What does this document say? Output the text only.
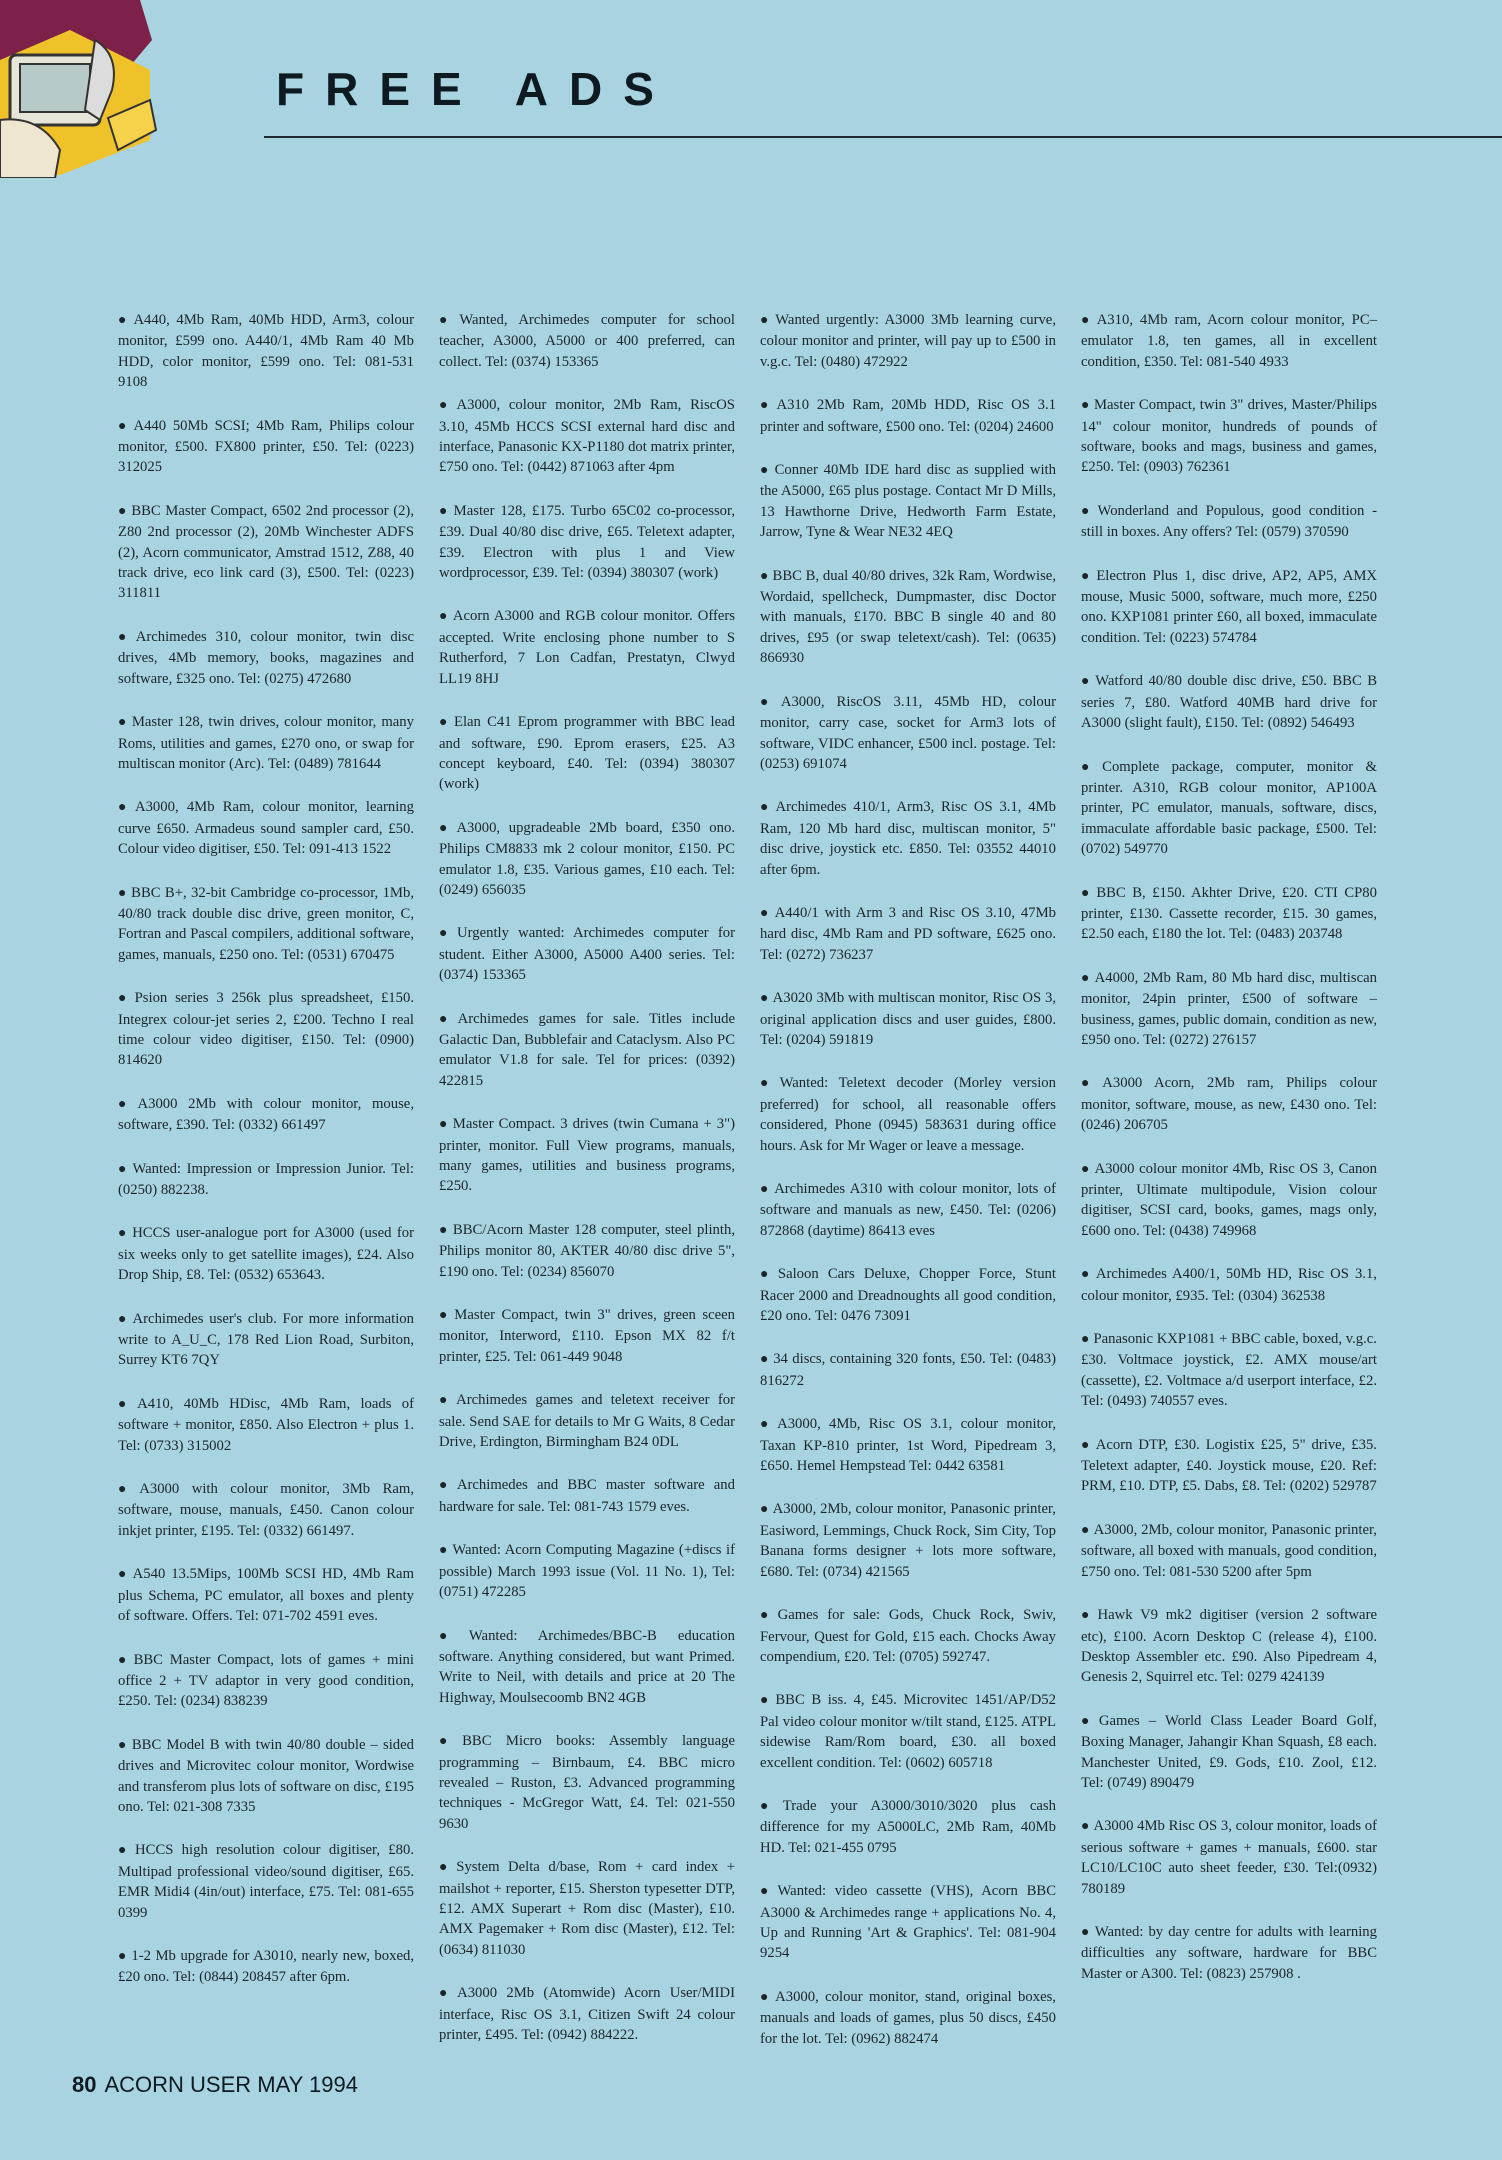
FREE ADS

● A440, 4Mb Ram, 40Mb HDD, Arm3, colour monitor, £599 ono. A440/1, 4Mb Ram 40 Mb HDD, color monitor, £599 ono. Tel: 081-531 9108

● A440 50Mb SCSI; 4Mb Ram, Philips colour monitor, £500. FX800 printer, £50. Tel: (0223) 312025

● BBC Master Compact, 6502 2nd processor (2), Z80 2nd processor (2), 20Mb Winchester ADFS (2), Acorn communicator, Amstrad 1512, Z88, 40 track drive, eco link card (3), £500. Tel: (0223) 311811

● Archimedes 310, colour monitor, twin disc drives, 4Mb memory, books, magazines and software, £325 ono. Tel: (0275) 472680

● Master 128, twin drives, colour monitor, many Roms, utilities and games, £270 ono, or swap for multiscan monitor (Arc). Tel: (0489) 781644

● A3000, 4Mb Ram, colour monitor, learning curve £650. Armadeus sound sampler card, £50. Colour video digitiser, £50. Tel: 091-413 1522

● BBC B+, 32-bit Cambridge co-processor, 1Mb, 40/80 track double disc drive, green monitor, C, Fortran and Pascal compilers, additional software, games, manuals, £250 ono. Tel: (0531) 670475

● Psion series 3 256k plus spreadsheet, £150. Integrex colour-jet series 2, £200. Techno I real time colour video digitiser, £150. Tel: (0900) 814620

● A3000 2Mb with colour monitor, mouse, software, £390. Tel: (0332) 661497

● Wanted: Impression or Impression Junior. Tel: (0250) 882238.

● HCCS user-analogue port for A3000 (used for six weeks only to get satellite images), £24. Also Drop Ship, £8. Tel: (0532) 653643.

● Archimedes user's club. For more information write to A_U_C, 178 Red Lion Road, Surbiton, Surrey KT6 7QY

● A410, 40Mb HDisc, 4Mb Ram, loads of software + monitor, £850. Also Electron + plus 1. Tel: (0733) 315002

● A3000 with colour monitor, 3Mb Ram, software, mouse, manuals, £450. Canon colour inkjet printer, £195. Tel: (0332) 661497.

● A540 13.5Mips, 100Mb SCSI HD, 4Mb Ram plus Schema, PC emulator, all boxes and plenty of software. Offers. Tel: 071-702 4591 eves.

● BBC Master Compact, lots of games + mini office 2 + TV adaptor in very good condition, £250. Tel: (0234) 838239

● BBC Model B with twin 40/80 double – sided drives and Microvitec colour monitor, Wordwise and transferom plus lots of software on disc, £195 ono. Tel: 021-308 7335

● HCCS high resolution colour digitiser, £80. Multipad professional video/sound digitiser, £65. EMR Midi4 (4in/out) interface, £75. Tel: 081-655 0399

● 1-2 Mb upgrade for A3010, nearly new, boxed, £20 ono. Tel: (0844) 208457 after 6pm.

● Wanted, Archimedes computer for school teacher, A3000, A5000 or 400 preferred, can collect. Tel: (0374) 153365

● A3000, colour monitor, 2Mb Ram, RiscOS 3.10, 45Mb HCCS SCSI external hard disc and interface, Panasonic KX-P1180 dot matrix printer, £750 ono. Tel: (0442) 871063 after 4pm

● Master 128, £175. Turbo 65C02 co-processor, £39. Dual 40/80 disc drive, £65. Teletext adapter, £39. Electron with plus 1 and View wordprocessor, £39. Tel: (0394) 380307 (work)

● Acorn A3000 and RGB colour monitor. Offers accepted. Write enclosing phone number to S Rutherford, 7 Lon Cadfan, Prestatyn, Clwyd LL19 8HJ

● Elan C41 Eprom programmer with BBC lead and software, £90. Eprom erasers, £25. A3 concept keyboard, £40. Tel: (0394) 380307 (work)

● A3000, upgradeable 2Mb board, £350 ono. Philips CM8833 mk 2 colour monitor, £150. PC emulator 1.8, £35. Various games, £10 each. Tel: (0249) 656035

● Urgently wanted: Archimedes computer for student. Either A3000, A5000 A400 series. Tel: (0374) 153365

● Archimedes games for sale. Titles include Galactic Dan, Bubblefair and Cataclysm. Also PC emulator V1.8 for sale. Tel for prices: (0392) 422815

● Master Compact. 3 drives (twin Cumana + 3") printer, monitor. Full View programs, manuals, many games, utilities and business programs, £250.

● BBC/Acorn Master 128 computer, steel plinth, Philips monitor 80, AKTER 40/80 disc drive 5", £190 ono. Tel: (0234) 856070

● Master Compact, twin 3" drives, green sceen monitor, Interword, £110. Epson MX 82 f/t printer, £25. Tel: 061-449 9048

● Archimedes games and teletext receiver for sale. Send SAE for details to Mr G Waits, 8 Cedar Drive, Erdington, Birmingham B24 0DL

● Archimedes and BBC master software and hardware for sale. Tel: 081-743 1579 eves.

● Wanted: Acorn Computing Magazine (+discs if possible) March 1993 issue (Vol. 11 No. 1), Tel: (0751) 472285

● Wanted: Archimedes/BBC-B education software. Anything considered, but want Primed. Write to Neil, with details and price at 20 The Highway, Moulsecoomb BN2 4GB

● BBC Micro books: Assembly language programming – Birnbaum, £4. BBC micro revealed – Ruston, £3. Advanced programming techniques - McGregor Watt, £4. Tel: 021-550 9630

● System Delta d/base, Rom + card index + mailshot + reporter, £15. Sherston typesetter DTP, £12. AMX Superart + Rom disc (Master), £10. AMX Pagemaker + Rom disc (Master), £12. Tel: (0634) 811030

● A3000 2Mb (Atomwide) Acorn User/MIDI interface, Risc OS 3.1, Citizen Swift 24 colour printer, £495. Tel: (0942) 884222.

● Wanted urgently: A3000 3Mb learning curve, colour monitor and printer, will pay up to £500 in v.g.c. Tel: (0480) 472922

● A310 2Mb Ram, 20Mb HDD, Risc OS 3.1 printer and software, £500 ono. Tel: (0204) 24600

● Conner 40Mb IDE hard disc as supplied with the A5000, £65 plus postage. Contact Mr D Mills, 13 Hawthorne Drive, Hedworth Farm Estate, Jarrow, Tyne & Wear NE32 4EQ

● BBC B, dual 40/80 drives, 32k Ram, Wordwise, Wordaid, spellcheck, Dumpmaster, disc Doctor with manuals, £170. BBC B single 40 and 80 drives, £95 (or swap teletext/cash). Tel: (0635) 866930

● A3000, RiscOS 3.11, 45Mb HD, colour monitor, carry case, socket for Arm3 lots of software, VIDC enhancer, £500 incl. postage. Tel: (0253) 691074

● Archimedes 410/1, Arm3, Risc OS 3.1, 4Mb Ram, 120 Mb hard disc, multiscan monitor, 5" disc drive, joystick etc. £850. Tel: 03552 44010 after 6pm.

● A440/1 with Arm 3 and Risc OS 3.10, 47Mb hard disc, 4Mb Ram and PD software, £625 ono. Tel: (0272) 736237

● A3020 3Mb with multiscan monitor, Risc OS 3, original application discs and user guides, £800. Tel: (0204) 591819

● Wanted: Teletext decoder (Morley version preferred) for school, all reasonable offers considered, Phone (0945) 583631 during office hours. Ask for Mr Wager or leave a message.

● Archimedes A310 with colour monitor, lots of software and manuals as new, £450. Tel: (0206) 872868 (daytime) 86413 eves

● Saloon Cars Deluxe, Chopper Force, Stunt Racer 2000 and Dreadnoughts all good condition, £20 ono. Tel: 0476 73091

● 34 discs, containing 320 fonts, £50. Tel: (0483) 816272

● A3000, 4Mb, Risc OS 3.1, colour monitor, Taxan KP-810 printer, 1st Word, Pipedream 3, £650. Hemel Hempstead Tel: 0442 63581

● A3000, 2Mb, colour monitor, Panasonic printer, Easiword, Lemmings, Chuck Rock, Sim City, Top Banana forms designer + lots more software, £680. Tel: (0734) 421565

● Games for sale: Gods, Chuck Rock, Swiv, Fervour, Quest for Gold, £15 each. Chocks Away compendium, £20. Tel: (0705) 592747.

● BBC B iss. 4, £45. Microvitec 1451/AP/D52 Pal video colour monitor w/tilt stand, £125. ATPL sidewise Ram/Rom board, £30. all boxed excellent condition. Tel: (0602) 605718

● Trade your A3000/3010/3020 plus cash difference for my A5000LC, 2Mb Ram, 40Mb HD. Tel: 021-455 0795

● Wanted: video cassette (VHS), Acorn BBC A3000 & Archimedes range + applications No. 4, Up and Running 'Art & Graphics'. Tel: 081-904 9254

● A3000, colour monitor, stand, original boxes, manuals and loads of games, plus 50 discs, £450 for the lot. Tel: (0962) 882474

● A310, 4Mb ram, Acorn colour monitor, PC– emulator 1.8, ten games, all in excellent condition, £350. Tel: 081-540 4933

● Master Compact, twin 3" drives, Master/Philips 14" colour monitor, hundreds of pounds of software, books and mags, business and games, £250. Tel: (0903) 762361

● Wonderland and Populous, good condition - still in boxes. Any offers? Tel: (0579) 370590

● Electron Plus 1, disc drive, AP2, AP5, AMX mouse, Music 5000, software, much more, £250 ono. KXP1081 printer £60, all boxed, immaculate condition. Tel: (0223) 574784

● Watford 40/80 double disc drive, £50. BBC B series 7, £80. Watford 40MB hard drive for A3000 (slight fault), £150. Tel: (0892) 546493

● Complete package, computer, monitor & printer. A310, RGB colour monitor, AP100A printer, PC emulator, manuals, software, discs, immaculate affordable basic package, £500. Tel: (0702) 549770

● BBC B, £150. Akhter Drive, £20. CTI CP80 printer, £130. Cassette recorder, £15. 30 games, £2.50 each, £180 the lot. Tel: (0483) 203748

● A4000, 2Mb Ram, 80 Mb hard disc, multiscan monitor, 24pin printer, £500 of software – business, games, public domain, condition as new, £950 ono. Tel: (0272) 276157

● A3000 Acorn, 2Mb ram, Philips colour monitor, software, mouse, as new, £430 ono. Tel: (0246) 206705

● A3000 colour monitor 4Mb, Risc OS 3, Canon printer, Ultimate multipodule, Vision colour digitiser, SCSI card, books, games, mags only, £600 ono. Tel: (0438) 749968

● Archimedes A400/1, 50Mb HD, Risc OS 3.1, colour monitor, £935. Tel: (0304) 362538

● Panasonic KXP1081 + BBC cable, boxed, v.g.c. £30. Voltmace joystick, £2. AMX mouse/art (cassette), £2. Voltmace a/d userport interface, £2. Tel: (0493) 740557 eves.

● Acorn DTP, £30. Logistix £25, 5" drive, £35. Teletext adapter, £40. Joystick mouse, £20. Ref: PRM, £10. DTP, £5. Dabs, £8. Tel: (0202) 529787

● A3000, 2Mb, colour monitor, Panasonic printer, software, all boxed with manuals, good condition, £750 ono. Tel: 081-530 5200 after 5pm

● Hawk V9 mk2 digitiser (version 2 software etc), £100. Acorn Desktop C (release 4), £100. Desktop Assembler etc. £90. Also Pipedream 4, Genesis 2, Squirrel etc. Tel: 0279 424139

● Games – World Class Leader Board Golf, Boxing Manager, Jahangir Khan Squash, £8 each. Manchester United, £9. Gods, £10. Zool, £12. Tel: (0749) 890479

● A3000 4Mb Risc OS 3, colour monitor, loads of serious software + games + manuals, £600. star LC10/LC10C auto sheet feeder, £30. Tel:(0932) 780189

● Wanted: by day centre for adults with learning difficulties any software, hardware for BBC Master or A300. Tel: (0823) 257908 .

80 ACORN USER MAY 1994
